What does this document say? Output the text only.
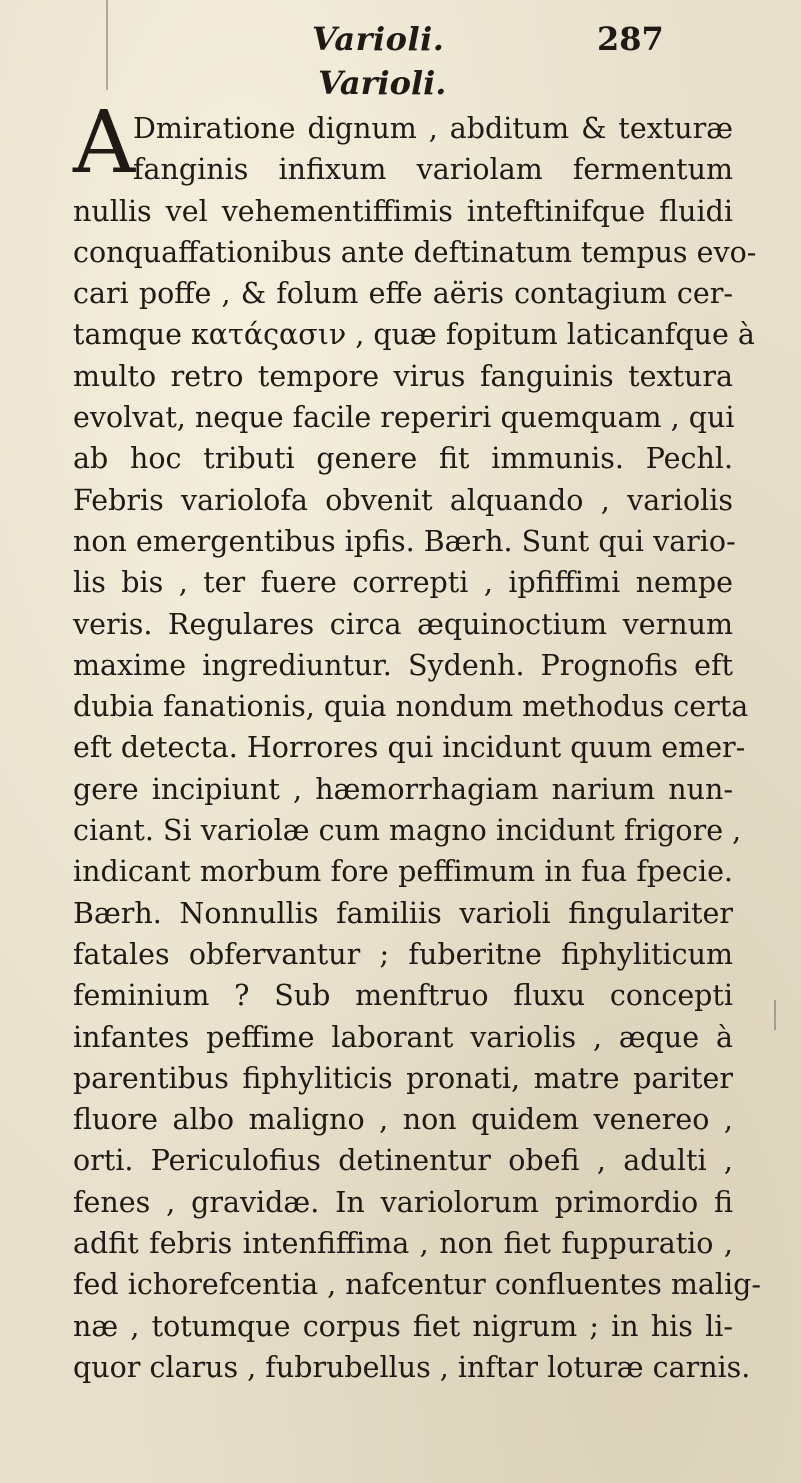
Varioli.	287
Varioli.
A
Dmiratione dignum , abditum & texturæ
fanginis infixum variolam fermentum
nullis vel vehementiffimis inteftinifque fluidi
conquaffationibus ante deftinatum tempus evo-
cari poffe , & folum effe aëris contagium cer-
tamque κατάςασιν , quæ fopitum laticanfque à
multo retro tempore virus fanguinis textura
evolvat, neque facile reperiri quemquam , qui
ab hoc tributi genere fit immunis. Pechl.
Febris variolofa obvenit alquando , variolis
non emergentibus ipfis. Bærh. Sunt qui vario-
lis bis , ter fuere correpti , ipfiffimi nempe
veris. Regulares circa æquinoctium vernum
maxime ingrediuntur. Sydenh. Prognofis eft
dubia fanationis, quia nondum methodus certa
eft detecta. Horrores qui incidunt quum emer-
gere incipiunt , hæmorrhagiam narium nun-
ciant. Si variolæ cum magno incidunt frigore ,
indicant morbum fore peffimum in fua fpecie.
Bærh. Nonnullis familiis varioli fingulariter
fatales obfervantur ; fuberitne fiphyliticum
feminium ? Sub menftruo fluxu concepti
infantes peffime laborant variolis , æque à
parentibus fiphyliticis pronati, matre pariter
fluore albo maligno , non quidem venereo ,
orti. Periculofius detinentur obefi , adulti ,
fenes , gravidæ. In variolorum primordio fi
adfit febris intenfiffima , non fiet fuppuratio ,
fed ichorefcentia , nafcentur confluentes malig-
næ , totumque corpus fiet nigrum ; in his li-
quor clarus , fubrubellus , inftar loturæ carnis.
